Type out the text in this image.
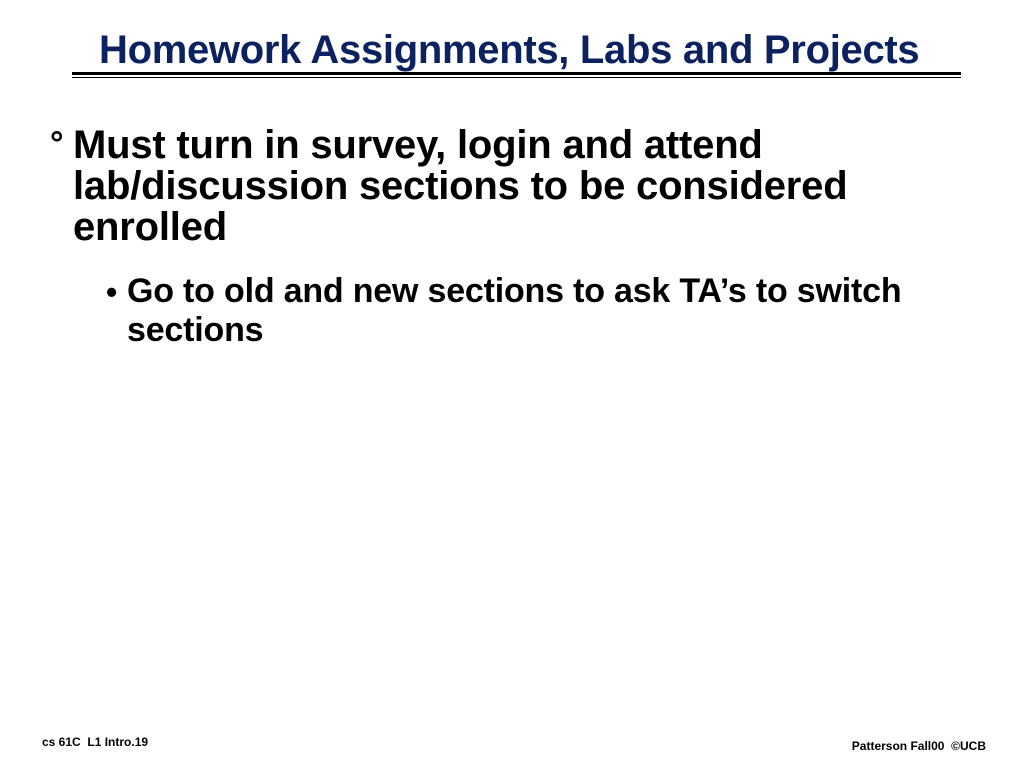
Homework Assignments, Labs and Projects
° Must turn in survey, login and attend lab/discussion sections to be considered enrolled
• Go to old and new sections to ask TA’s to switch sections
cs 61C  L1 Intro.19	Patterson Fall00  ©UCB
